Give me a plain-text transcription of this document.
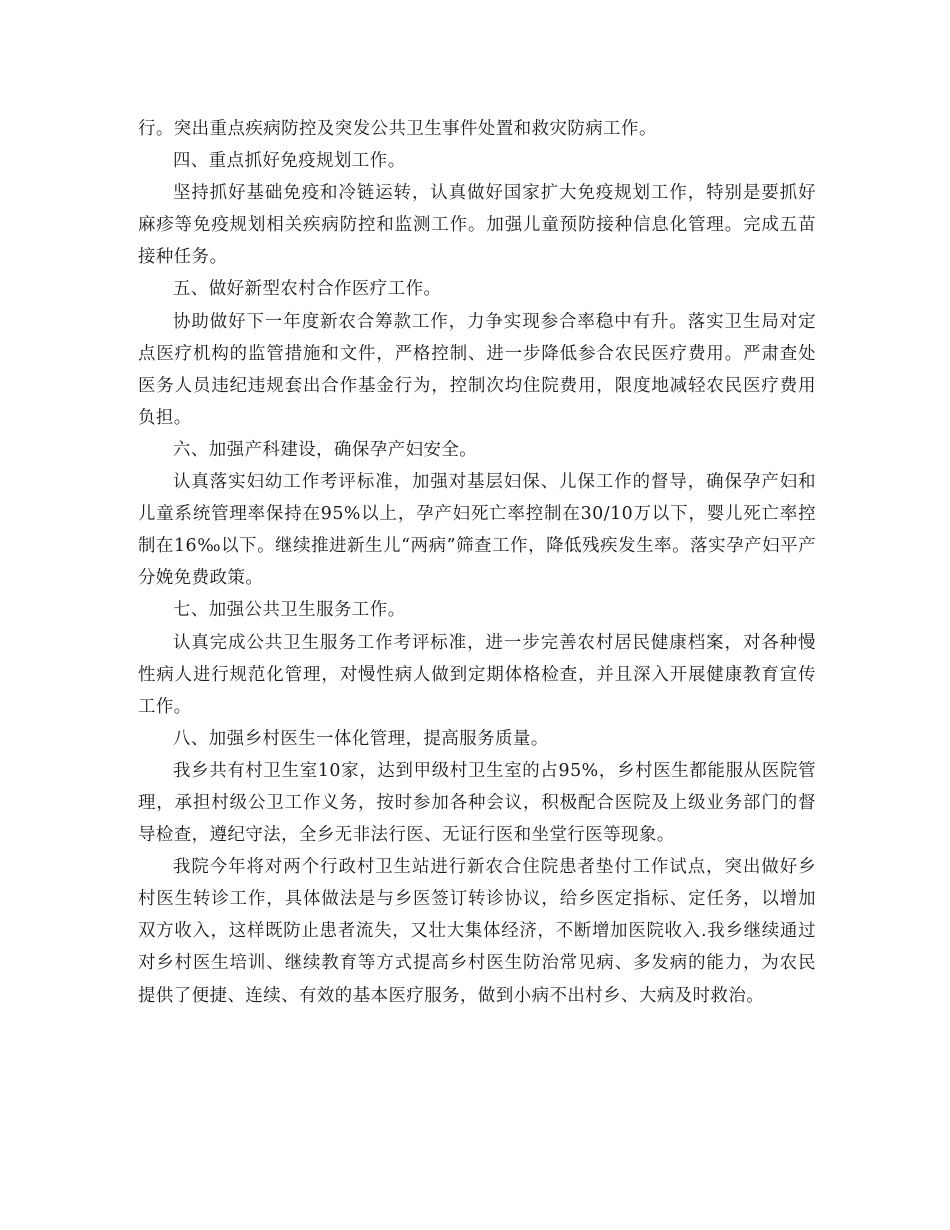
行。突出重点疾病防控及突发公共卫生事件处置和救灾防病工作。

四、重点抓好免疫规划工作。

坚持抓好基础免疫和冷链运转，认真做好国家扩大免疫规划工作，特别是要抓好麻疹等免疫规划相关疾病防控和监测工作。加强儿童预防接种信息化管理。完成五苗接种任务。

五、做好新型农村合作医疗工作。

协助做好下一年度新农合筹款工作，力争实现参合率稳中有升。落实卫生局对定点医疗机构的监管措施和文件，严格控制、进一步降低参合农民医疗费用。严肃查处医务人员违纪违规套出合作基金行为，控制次均住院费用，限度地减轻农民医疗费用负担。

六、加强产科建设，确保孕产妇安全。

认真落实妇幼工作考评标准，加强对基层妇保、儿保工作的督导，确保孕产妇和儿童系统管理率保持在95%以上，孕产妇死亡率控制在30/10万以下，婴儿死亡率控制在16‰以下。继续推进新生儿“两病”筛查工作，降低残疾发生率。落实孕产妇平产分娩免费政策。

七、加强公共卫生服务工作。

认真完成公共卫生服务工作考评标准，进一步完善农村居民健康档案，对各种慢性病人进行规范化管理，对慢性病人做到定期体格检查，并且深入开展健康教育宣传工作。

八、加强乡村医生一体化管理，提高服务质量。

我乡共有村卫生室10家，达到甲级村卫生室的占95%，乡村医生都能服从医院管理，承担村级公卫工作义务，按时参加各种会议，积极配合医院及上级业务部门的督导检查，遵纪守法，全乡无非法行医、无证行医和坐堂行医等现象。

我院今年将对两个行政村卫生站进行新农合住院患者垫付工作试点，突出做好乡村医生转诊工作，具体做法是与乡医签订转诊协议，给乡医定指标、定任务，以增加双方收入，这样既防止患者流失，又壮大集体经济，不断增加医院收入.我乡继续通过对乡村医生培训、继续教育等方式提高乡村医生防治常见病、多发病的能力，为农民提供了便捷、连续、有效的基本医疗服务，做到小病不出村乡、大病及时救治。
